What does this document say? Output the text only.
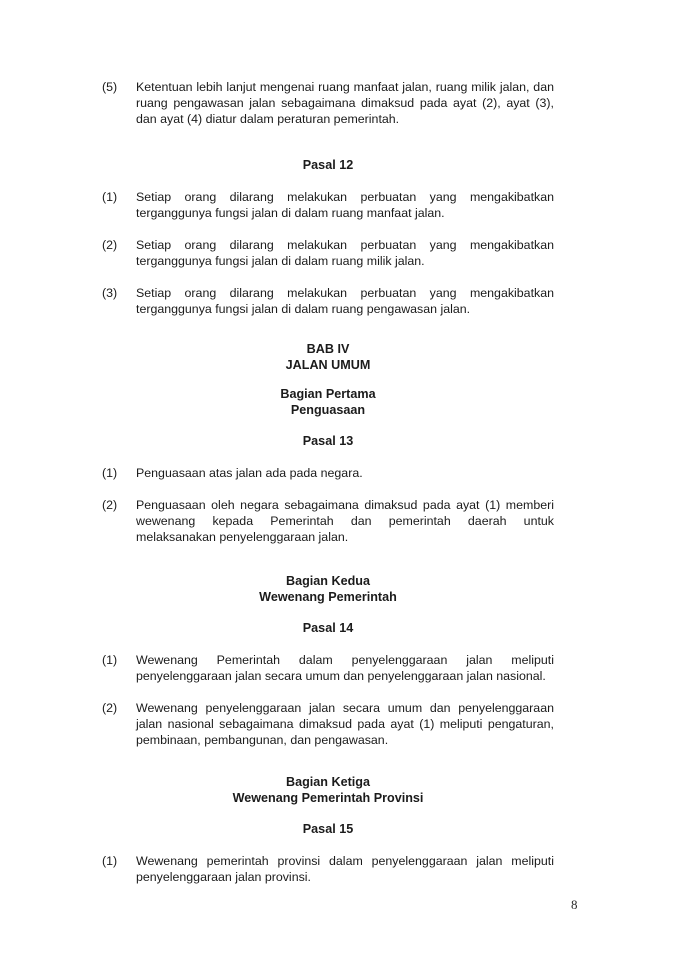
(5)	Ketentuan lebih lanjut mengenai ruang manfaat jalan, ruang milik jalan, dan ruang pengawasan jalan sebagaimana dimaksud pada ayat (2), ayat (3), dan ayat (4) diatur dalam peraturan pemerintah.

Pasal 12
(1)	Setiap orang dilarang melakukan perbuatan yang mengakibatkan terganggunya fungsi jalan di dalam ruang manfaat jalan.

(2)	Setiap orang dilarang melakukan perbuatan yang mengakibatkan terganggunya fungsi jalan di dalam ruang milik jalan.

(3)	Setiap orang dilarang melakukan perbuatan yang mengakibatkan terganggunya fungsi jalan di dalam ruang pengawasan jalan.

BAB IV
JALAN UMUM
Bagian Pertama
Penguasaan
Pasal 13
(1)	Penguasaan atas jalan ada pada negara.

(2)	Penguasaan oleh negara sebagaimana dimaksud pada ayat (1) memberi wewenang kepada Pemerintah dan pemerintah daerah untuk melaksanakan penyelenggaraan jalan.

Bagian Kedua
Wewenang Pemerintah
Pasal 14
(1)	Wewenang Pemerintah dalam penyelenggaraan jalan meliputi penyelenggaraan jalan secara umum dan penyelenggaraan jalan nasional.

(2)	Wewenang penyelenggaraan jalan secara umum dan penyelenggaraan jalan nasional sebagaimana dimaksud pada ayat (1) meliputi pengaturan, pembinaan, pembangunan, dan pengawasan.

Bagian Ketiga
Wewenang Pemerintah Provinsi
Pasal 15
(1)	Wewenang pemerintah provinsi dalam penyelenggaraan jalan meliputi penyelenggaraan jalan provinsi.

8
